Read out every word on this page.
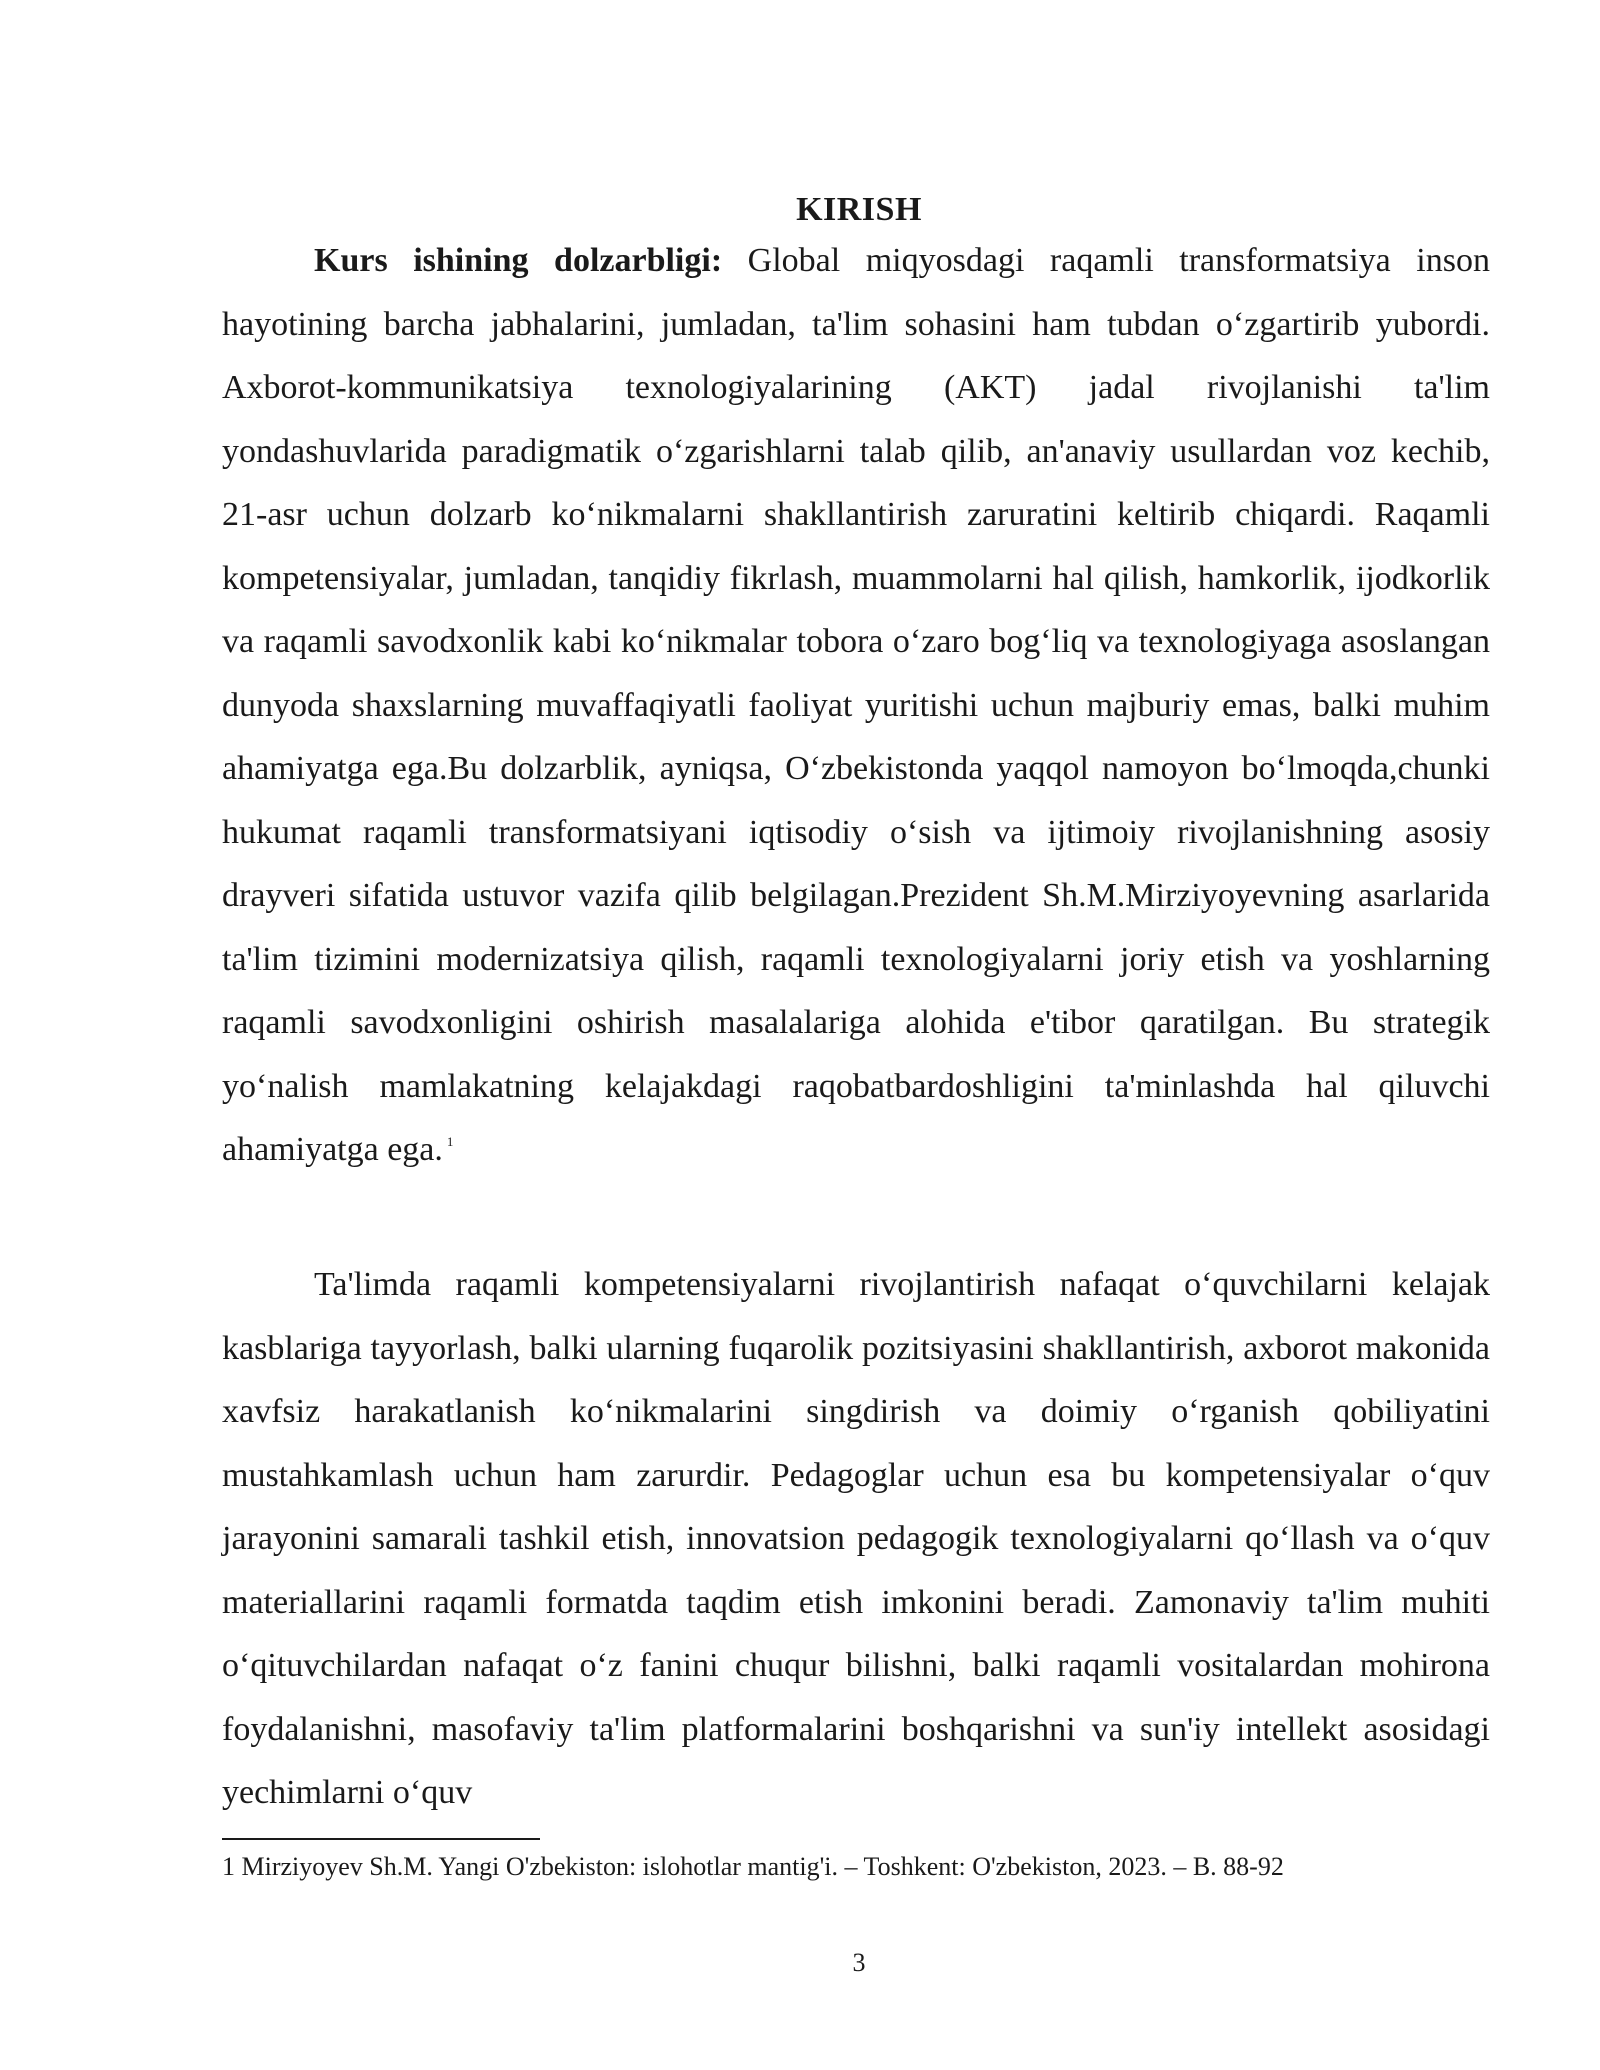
KIRISH
Kurs ishining dolzarbligi: Global miqyosdagi raqamli transformatsiya inson hayotining barcha jabhalarini, jumladan, ta'lim sohasini ham tubdan oʻzgartirib yubordi. Axborot-kommunikatsiya texnologiyalarining (AKT) jadal rivojlanishi ta'lim yondashuvlarida paradigmatik oʻzgarishlarni talab qilib, an'anaviy usullardan voz kechib, 21-asr uchun dolzarb koʻnikmalarni shakllantirish zaruratini keltirib chiqardi. Raqamli kompetensiyalar, jumladan, tanqidiy fikrlash, muammolarni hal qilish, hamkorlik, ijodkorlik va raqamli savodxonlik kabi koʻnikmalar tobora oʻzaro bogʻliq va texnologiyaga asoslangan dunyoda shaxslarning muvaffaqiyatli faoliyat yuritishi uchun majburiy emas, balki muhim ahamiyatga ega.Bu dolzarblik, ayniqsa, Oʻzbekistonda yaqqol namoyon boʻlmoqda,chunki hukumat raqamli transformatsiyani iqtisodiy oʻsish va ijtimoiy rivojlanishning asosiy drayveri sifatida ustuvor vazifa qilib belgilagan.Prezident Sh.M.Mirziyoyevning asarlarida ta'lim tizimini modernizatsiya qilish, raqamli texnologiyalarni joriy etish va yoshlarning raqamli savodxonligini oshirish masalalariga alohida e'tibor qaratilgan. Bu strategik yoʻnalish mamlakatning kelajakdagi raqobatbardoshligini ta'minlashda hal qiluvchi ahamiyatga ega. $^1$
Ta'limda raqamli kompetensiyalarni rivojlantirish nafaqat oʻquvchilarni kelajak kasblariga tayyorlash, balki ularning fuqarolik pozitsiyasini shakllantirish, axborot makonida xavfsiz harakatlanish koʻnikmalarini singdirish va doimiy oʻrganish qobiliyatini mustahkamlash uchun ham zarurdir. Pedagoglar uchun esa bu kompetensiyalar oʻquv jarayonini samarali tashkil etish, innovatsion pedagogik texnologiyalarni qoʻllash va oʻquv materiallarini raqamli formatda taqdim etish imkonini beradi. Zamonaviy ta'lim muhiti oʻqituvchilardan nafaqat oʻz fanini chuqur bilishni, balki raqamli vositalardan mohirona foydalanishni, masofaviy ta'lim platformalarini boshqarishni va sun'iy intellekt asosidagi yechimlarni oʻquv
1 Mirziyoyev Sh.M. Yangi O'zbekiston: islohotlar mantig'i. – Toshkent: O'zbekiston, 2023. – B. 88-92
3
